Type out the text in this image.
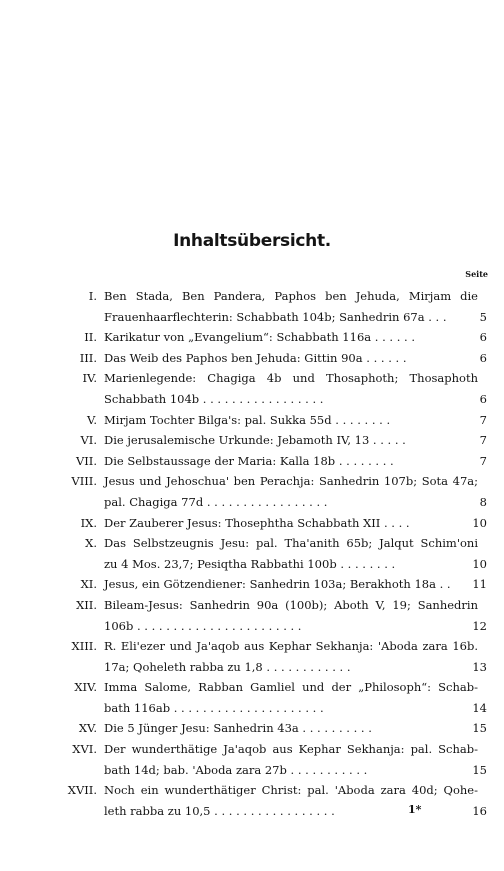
Inhaltsübersicht.
Seite
I. Ben Stada, Ben Pandera, Paphos ben Jehuda, Mirjam die
Frauenhaarflechterin: Schabbath 104b; Sanhedrin 67a . . .	5
II. Karikatur von „Evangelium“: Schabbath 116a . . . . . .	6
III. Das Weib des Paphos ben Jehuda: Gittin 90a . . . . . .	6
IV. Marienlegende: Chagiga 4b und Thosaphoth; Thosaphoth
Schabbath 104b . . . . . . . . . . . . . . . . .	6
V. Mirjam Tochter Bilga's: pal. Sukka 55d . . . . . . . .	7
VI. Die jerusalemische Urkunde: Jebamoth IV, 13 . . . . .	7
VII. Die Selbstaussage der Maria: Kalla 18b . . . . . . . .	7
VIII. Jesus und Jehoschua' ben Perachja: Sanhedrin 107b; Sota 47a;
pal. Chagiga 77d . . . . . . . . . . . . . . . . .	8
IX. Der Zauberer Jesus: Thosephtha Schabbath XII . . . .	10
X. Das Selbstzeugnis Jesu: pal. Tha'anith 65b; Jalqut Schim'oni
zu 4 Mos. 23,7; Pesiqtha Rabbathi 100b . . . . . . . .	10
XI. Jesus, ein Götzendiener: Sanhedrin 103a; Berakhoth 18a . . 11
XII. Bileam-Jesus: Sanhedrin 90a (100b); Aboth V, 19; Sanhedrin
106b . . . . . . . . . . . . . . . . . . . . . . .	12
XIII. R. Eli'ezer und Ja'aqob aus Kephar Sekhanja: 'Aboda zara 16b.
17a; Qoheleth rabba zu 1,8 . . . . . . . . . . . .	13
XIV. Imma Salome, Rabban Gamliel und der „Philosoph“: Schab-
bath 116ab . . . . . . . . . . . . . . . . . . . . .	14
XV. Die 5 Jünger Jesu: Sanhedrin 43a . . . . . . . . . .	15
XVI. Der wunderthätige Ja'aqob aus Kephar Sekhanja: pal. Schab-
bath 14d; bab. 'Aboda zara 27b . . . . . . . . . . .	15
XVII. Noch ein wunderthätiger Christ: pal. 'Aboda zara 40d; Qohe-
leth rabba zu 10,5 . . . . . . . . . . . . . . . . .	16
1*
